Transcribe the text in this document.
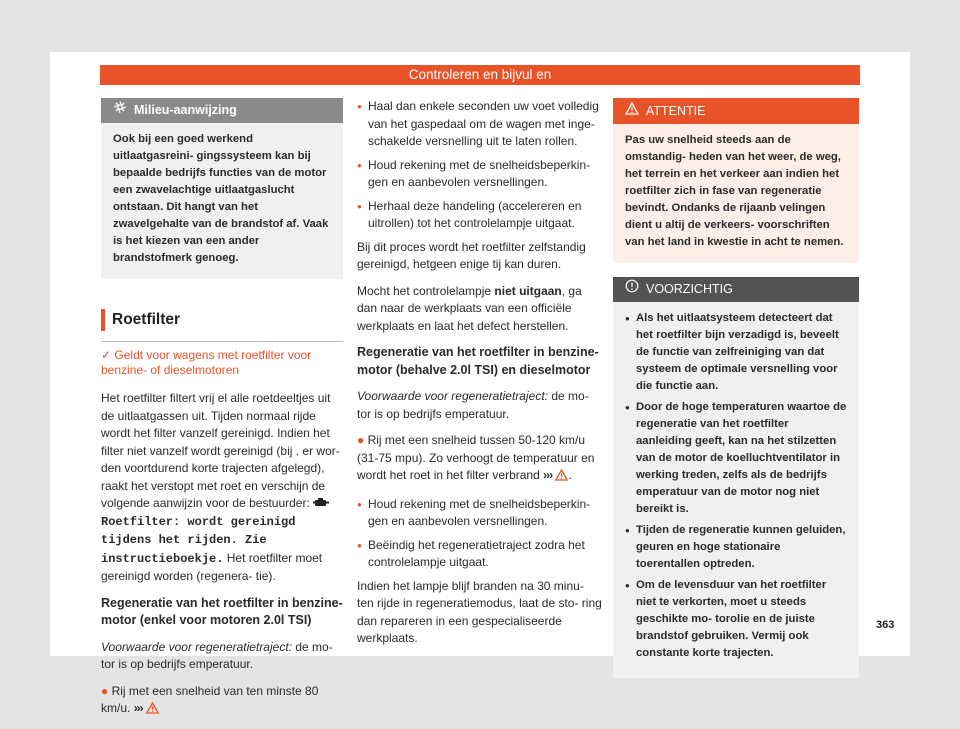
Controleren en bijvul en
Milieu-aanwijzing

Ook bij een goed werkend uitlaatgasreini- gingssysteem kan bij bepaalde bedrijfs functies van de motor een zwavelachtige uitlaatgaslucht ontstaan. Dit hangt van het zwavelgehalte van de brandstof af. Vaak is het kiezen van een ander brandstofmerk genoeg.

Roetfilter
✓ Geldt voor wagens met roetfilter voor benzine- of dieselmotoren

Het roetfilter filtert vrij el alle roetdeeltjes uit de uitlaatgassen uit. Tijden normaal rijde wordt het filter vanzelf gereinigd. Indien het filter niet vanzelf wordt gereinigd (bij . er wor- den voortdurend korte trajecten afgelegd), raakt het verstopt met roet en verschijn de volgende aanwijzin voor de bestuurder:  Roetfilter: wordt gereinigd tijdens het rijden. Zie instructieboekje. Het roetfilter moet gereinigd worden (regenera- tie).

Regeneratie van het roetfilter in benzine- motor (enkel voor motoren 2.0l TSI)

Voorwaarde voor regeneratietraject: de mo- tor is op bedrijfs emperatuur.

● Rij met een snelheid van ten minste 80 km/u. ›››

● Haal dan enkele seconden uw voet volledig van het gaspedaal om de wagen met inge- schakelde versnelling uit te laten rollen.
● Houd rekening met de snelheidsbeperkin- gen en aanbevolen versnellingen.
● Herhaal deze handeling (accelereren en uitrollen) tot het controlelampje uitgaat.

Bij dit proces wordt het roetfilter zelfstandig gereinigd, hetgeen enige tij kan duren.

Mocht het controlelampje niet uitgaan, ga dan naar de werkplaats van een officiële werkplaats en laat het defect herstellen.

Regeneratie van het roetfilter in benzine- motor (behalve 2.0l TSI) en dieselmotor

Voorwaarde voor regeneratietraject: de mo- tor is op bedrijfs emperatuur.

● Rij met een snelheid tussen 50-120 km/u (31-75 mpu). Zo verhoogt de temperatuur en wordt het roet in het filter verbrand ››› .

● Houd rekening met de snelheidsbeperkin- gen en aanbevolen versnellingen.
● Beëindig het regeneratietraject zodra het controlelampje uitgaat.

Indien het lampje blijf branden na 30 minu- ten rijde in regeneratiemodus, laat de sto- ring dan repareren in een gespecialiseerde werkplaats.

ATTENTIE

Pas uw snelheid steeds aan de omstandig- heden van het weer, de weg, het terrein en het verkeer aan indien het roetfilter zich in fase van regeneratie bevindt. Ondanks de rijaanb velingen dient u altij de verkeers- voorschriften van het land in kwestie in acht te nemen.

VOORZICHTIG
● Als het uitlaatsysteem detecteert dat het roetfilter bijn verzadigd is, beveelt de functie van zelfreiniging van dat systeem de optimale versnelling voor die functie aan.
● Door de hoge temperaturen waartoe de regeneratie van het roetfilter aanleiding geeft, kan na het stilzetten van de motor de koelluchtventilator in werking treden, zelfs als de bedrijfs emperatuur van de motor nog niet bereikt is.
● Tijden de regeneratie kunnen geluiden, geuren en hoge stationaire toerentallen optreden.
● Om de levensduur van het roetfilter niet te verkorten, moet u steeds geschikte mo- torolie en de juiste brandstof gebruiken. Vermij ook constante korte trajecten.
363
